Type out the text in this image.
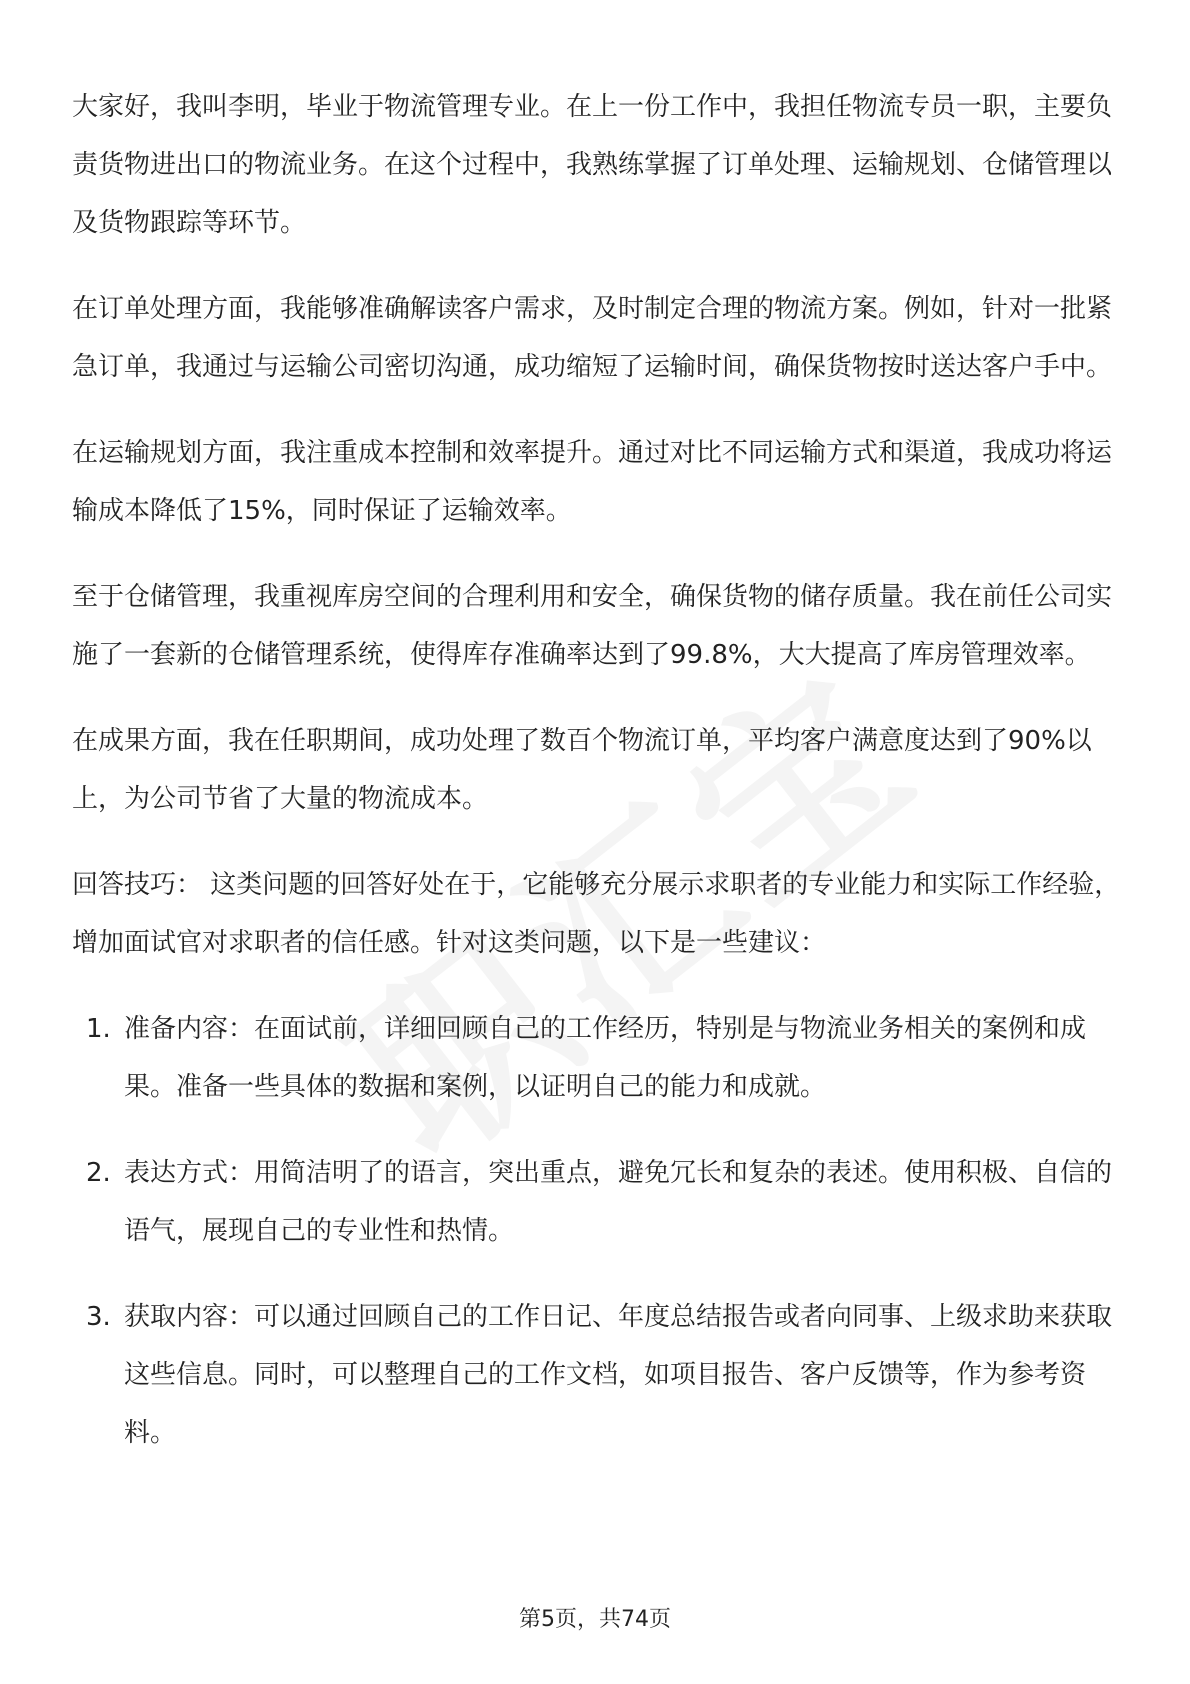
大家好，我叫李明，毕业于物流管理专业。在上一份工作中，我担任物流专员一职，主要负责货物进出口的物流业务。在这个过程中，我熟练掌握了订单处理、运输规划、仓储管理以及货物跟踪等环节。

在订单处理方面，我能够准确解读客户需求，及时制定合理的物流方案。例如，针对一批紧急订单，我通过与运输公司密切沟通，成功缩短了运输时间，确保货物按时送达客户手中。

在运输规划方面，我注重成本控制和效率提升。通过对比不同运输方式和渠道，我成功将运输成本降低了15%，同时保证了运输效率。

至于仓储管理，我重视库房空间的合理利用和安全，确保货物的储存质量。我在前任公司实施了一套新的仓储管理系统，使得库存准确率达到了99.8%，大大提高了库房管理效率。

在成果方面，我在任职期间，成功处理了数百个物流订单，平均客户满意度达到了90%以上，为公司节省了大量的物流成本。

回答技巧： 这类问题的回答好处在于，它能够充分展示求职者的专业能力和实际工作经验，增加面试官对求职者的信任感。针对这类问题，以下是一些建议：

1. 准备内容：在面试前，详细回顾自己的工作经历，特别是与物流业务相关的案例和成果。准备一些具体的数据和案例，以证明自己的能力和成就。
2. 表达方式：用简洁明了的语言，突出重点，避免冗长和复杂的表述。使用积极、自信的语气，展现自己的专业性和热情。
3. 获取内容：可以通过回顾自己的工作日记、年度总结报告或者向同事、上级求助来获取这些信息。同时，可以整理自己的工作文档，如项目报告、客户反馈等，作为参考资料。
第5页，共74页
